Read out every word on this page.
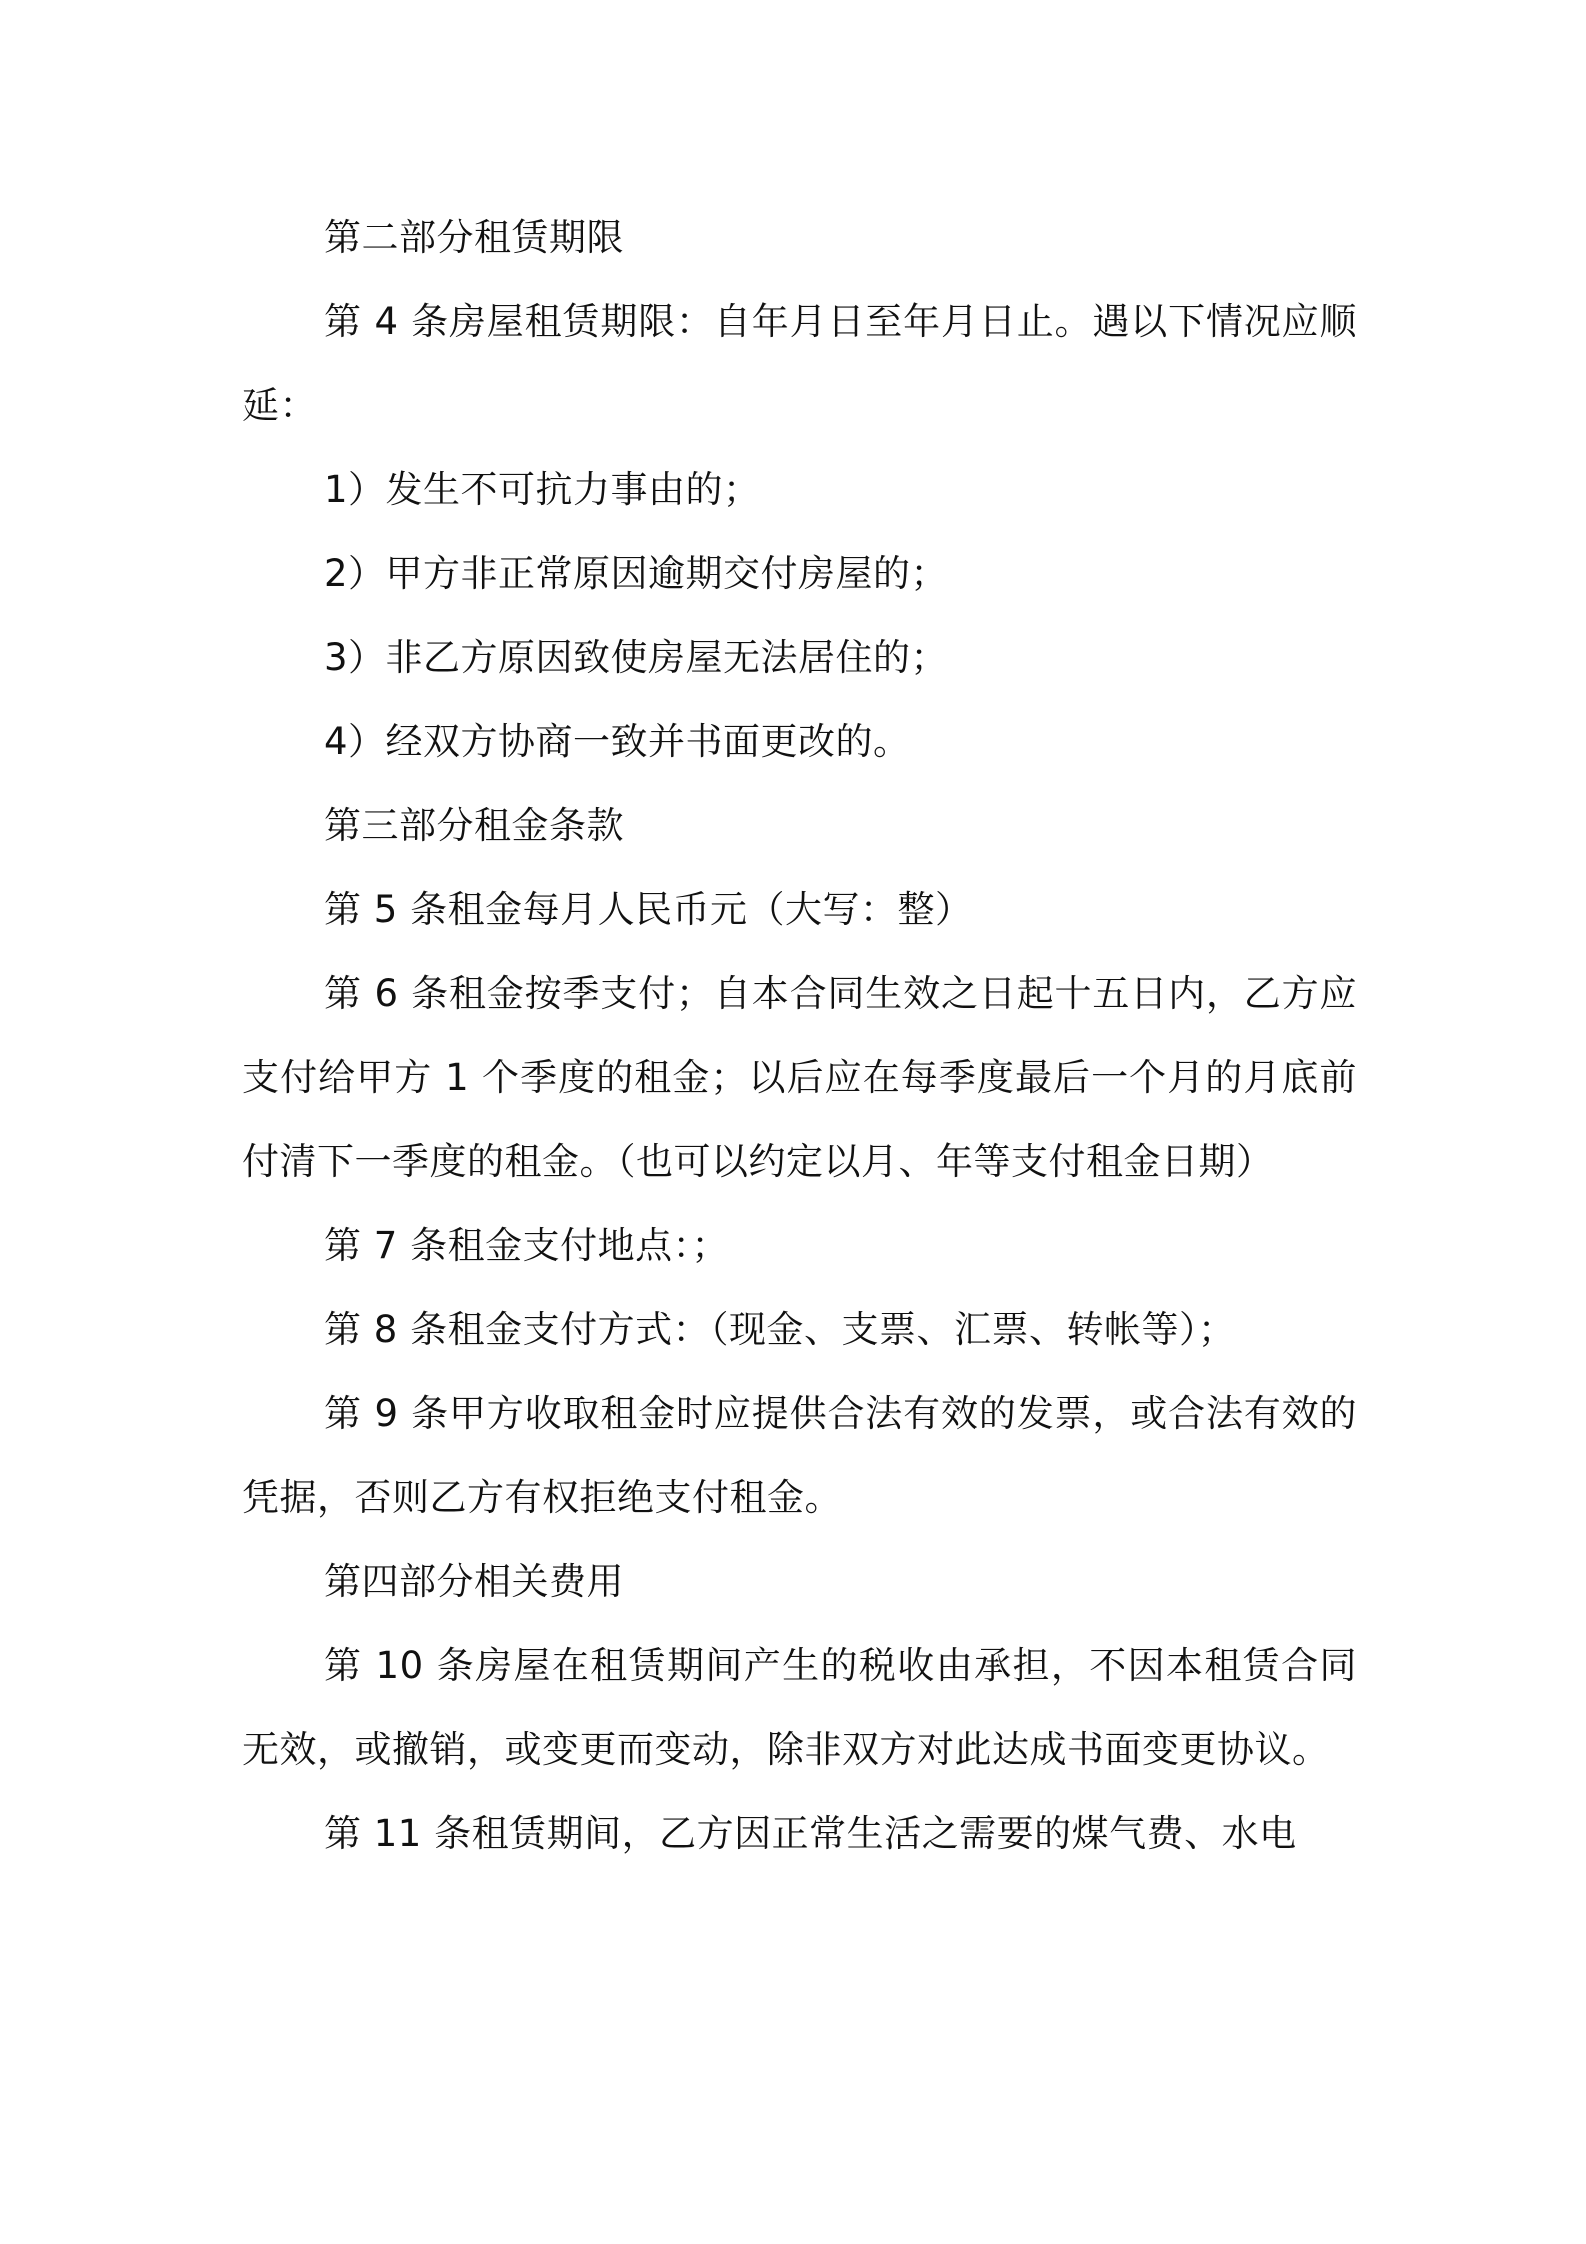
第二部分租赁期限

第 4 条房屋租赁期限：自年月日至年月日止。遇以下情况应顺延：

1）发生不可抗力事由的；

2）甲方非正常原因逾期交付房屋的；

3）非乙方原因致使房屋无法居住的；

4）经双方协商一致并书面更改的。

第三部分租金条款

第 5 条租金每月人民币元（大写：整）

第 6 条租金按季支付；自本合同生效之日起十五日内，乙方应支付给甲方 1 个季度的租金；以后应在每季度最后一个月的月底前付清下一季度的租金。（也可以约定以月、年等支付租金日期）

第 7 条租金支付地点：；

第 8 条租金支付方式：（现金、支票、汇票、转帐等）；

第 9 条甲方收取租金时应提供合法有效的发票，或合法有效的凭据，否则乙方有权拒绝支付租金。

第四部分相关费用

第 10 条房屋在租赁期间产生的税收由承担，不因本租赁合同无效，或撤销，或变更而变动，除非双方对此达成书面变更协议。

第 11 条租赁期间，乙方因正常生活之需要的煤气费、水电
